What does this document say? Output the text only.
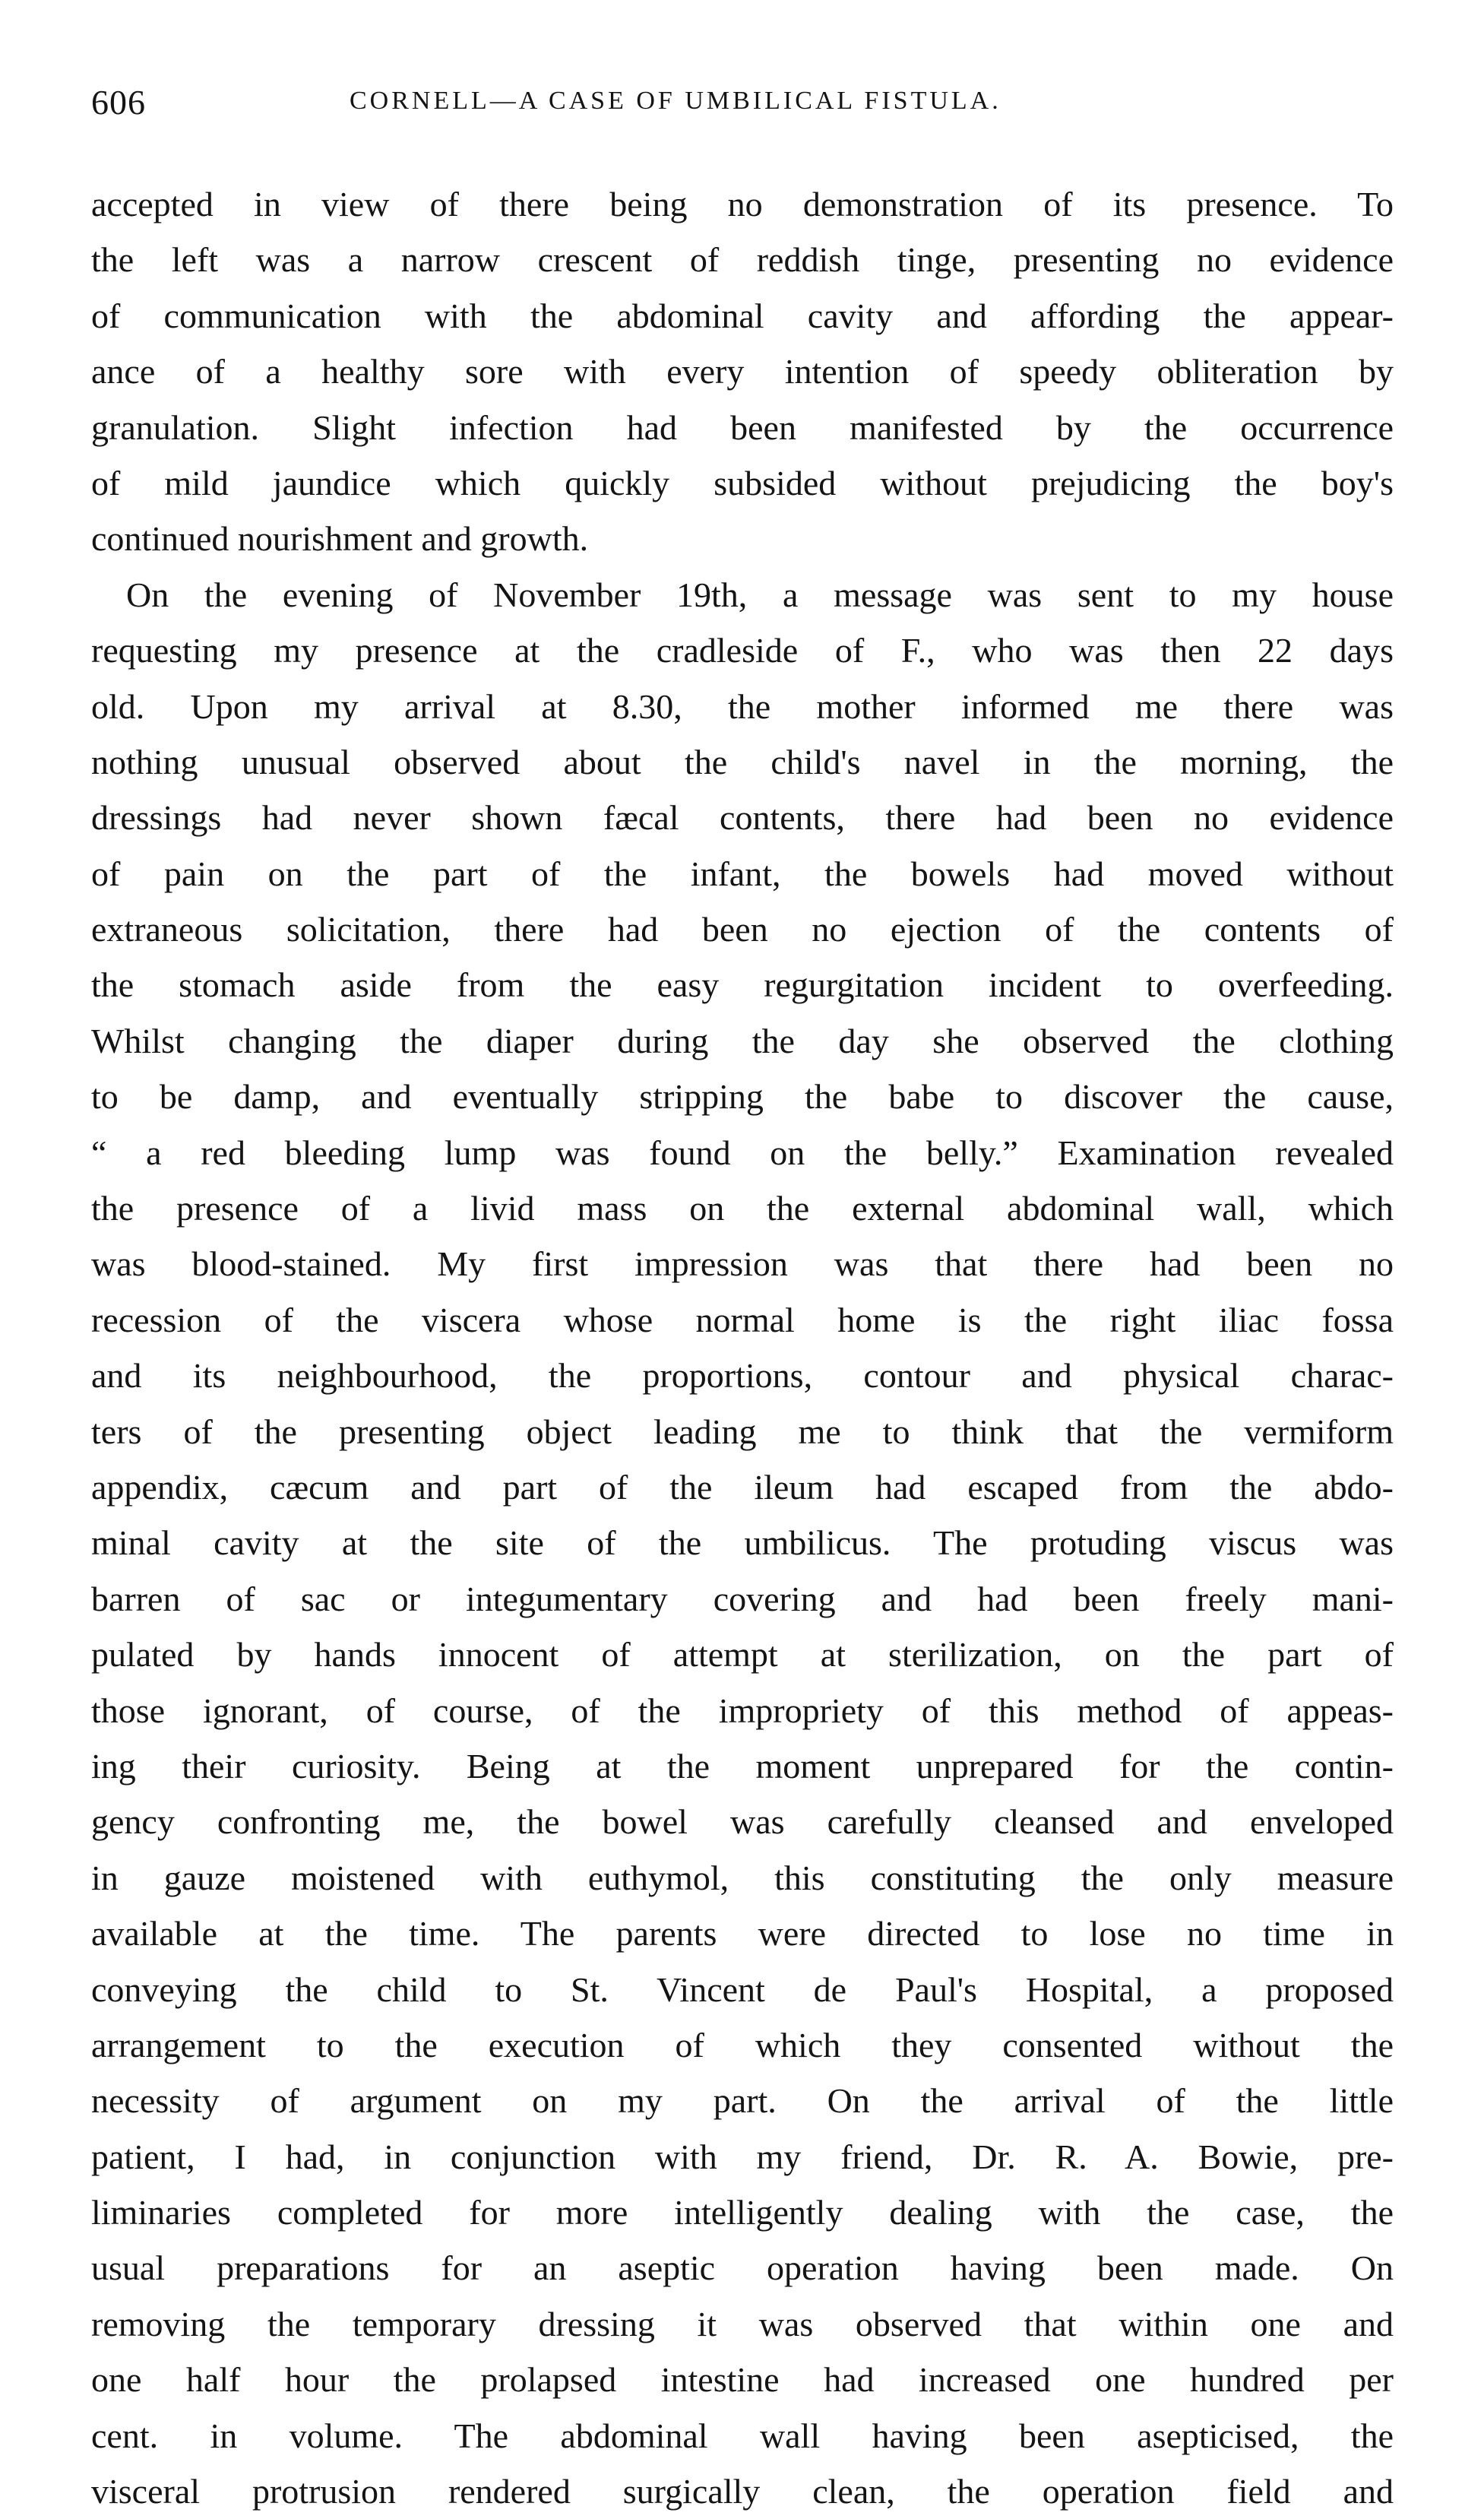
606	CORNELL—A CASE OF UMBILICAL FISTULA.
accepted in view of there being no demonstration of its presence. To
the left was a narrow crescent of reddish tinge, presenting no evidence
of communication with the abdominal cavity and affording the appear-
ance of a healthy sore with every intention of speedy obliteration by
granulation. Slight infection had been manifested by the occurrence
of mild jaundice which quickly subsided without prejudicing the boy's
continued nourishment and growth.
On the evening of November 19th, a message was sent to my house
requesting my presence at the cradleside of F., who was then 22 days
old. Upon my arrival at 8.30, the mother informed me there was
nothing unusual observed about the child's navel in the morning, the
dressings had never shown fæcal contents, there had been no evidence
of pain on the part of the infant, the bowels had moved without
extraneous solicitation, there had been no ejection of the contents of
the stomach aside from the easy regurgitation incident to overfeeding.
Whilst changing the diaper during the day she observed the clothing
to be damp, and eventually stripping the babe to discover the cause,
“ a red bleeding lump was found on the belly.” Examination revealed
the presence of a livid mass on the external abdominal wall, which
was blood-stained. My first impression was that there had been no
recession of the viscera whose normal home is the right iliac fossa
and its neighbourhood, the proportions, contour and physical charac-
ters of the presenting object leading me to think that the vermiform
appendix, cæcum and part of the ileum had escaped from the abdo-
minal cavity at the site of the umbilicus. The protuding viscus was
barren of sac or integumentary covering and had been freely mani-
pulated by hands innocent of attempt at sterilization, on the part of
those ignorant, of course, of the impropriety of this method of appeas-
ing their curiosity. Being at the moment unprepared for the contin-
gency confronting me, the bowel was carefully cleansed and enveloped
in gauze moistened with euthymol, this constituting the only measure
available at the time. The parents were directed to lose no time in
conveying the child to St. Vincent de Paul's Hospital, a proposed
arrangement to the execution of which they consented without the
necessity of argument on my part. On the arrival of the little
patient, I had, in conjunction with my friend, Dr. R. A. Bowie, pre-
liminaries completed for more intelligently dealing with the case, the
usual preparations for an aseptic operation having been made. On
removing the temporary dressing it was observed that within one and
one half hour the prolapsed intestine had increased one hundred per
cent. in volume. The abdominal wall having been asepticised, the
visceral protrusion rendered surgically clean, the operation field and
